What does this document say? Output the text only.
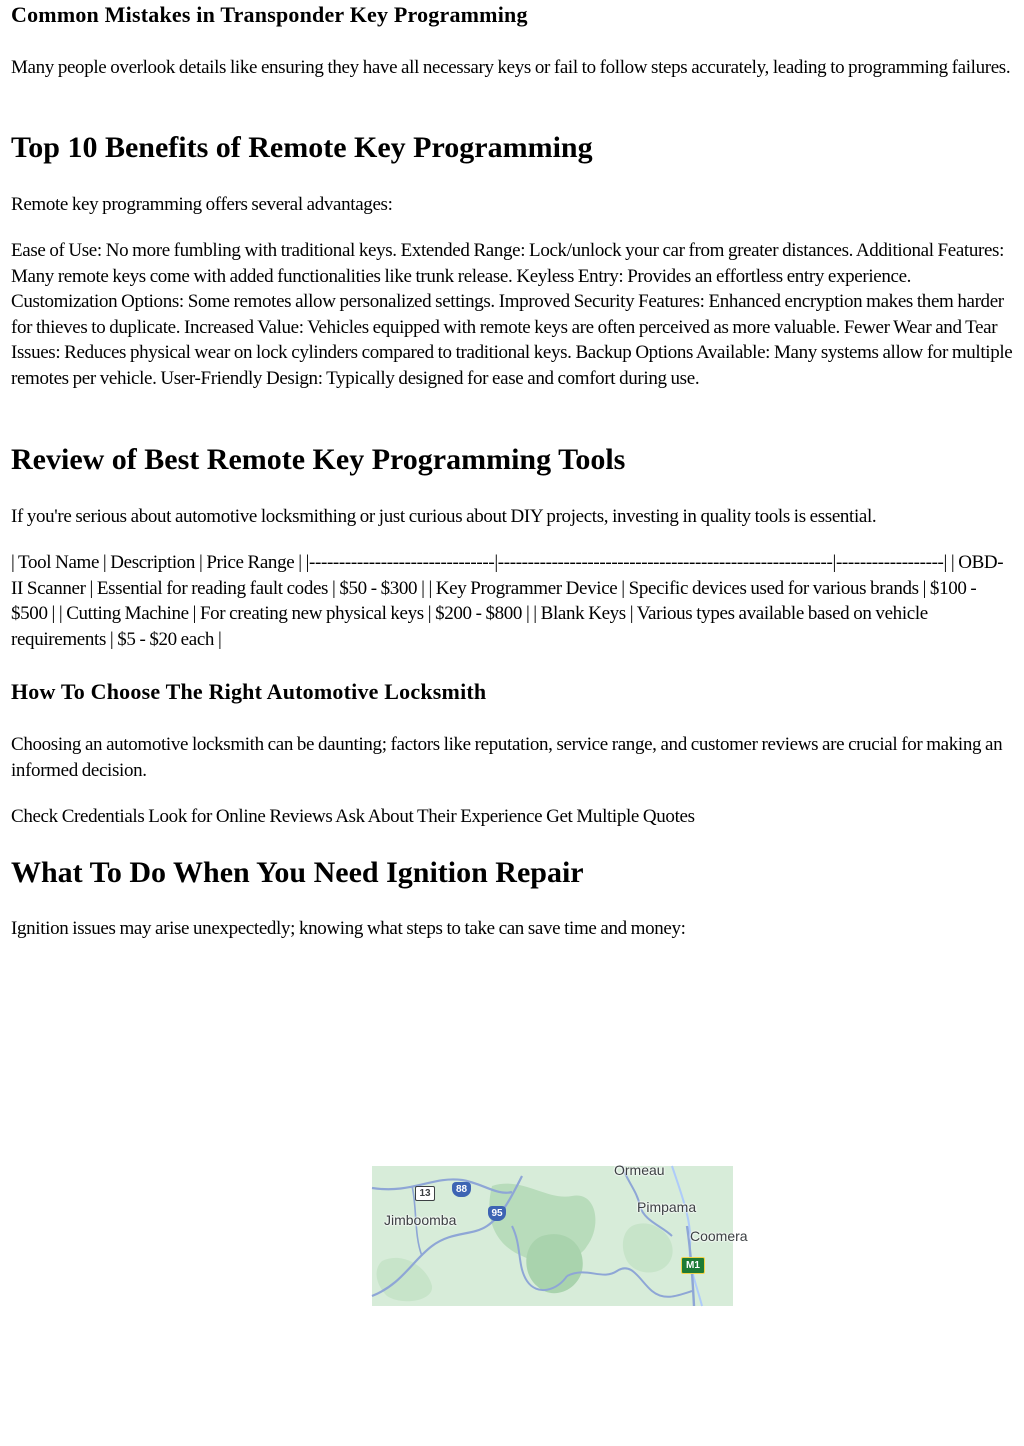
Common Mistakes in Transponder Key Programming

Many people overlook details like ensuring they have all necessary keys or fail to follow steps accurately, leading to programming failures.

Top 10 Benefits of Remote Key Programming

Remote key programming offers several advantages:

Ease of Use: No more fumbling with traditional keys. Extended Range: Lock/unlock your car from greater distances. Additional Features: Many remote keys come with added functionalities like trunk release. Keyless Entry: Provides an effortless entry experience. Customization Options: Some remotes allow personalized settings. Improved Security Features: Enhanced encryption makes them harder for thieves to duplicate. Increased Value: Vehicles equipped with remote keys are often perceived as more valuable. Fewer Wear and Tear Issues: Reduces physical wear on lock cylinders compared to traditional keys. Backup Options Available: Many systems allow for multiple remotes per vehicle. User-Friendly Design: Typically designed for ease and comfort during use.

Review of Best Remote Key Programming Tools

If you're serious about automotive locksmithing or just curious about DIY projects, investing in quality tools is essential.

| Tool Name | Description | Price Range | |-------------------------------|--------------------------------------------------------|------------------| | OBD-II Scanner | Essential for reading fault codes | $50 - $300 | | Key Programmer Device | Specific devices used for various brands | $100 - $500 | | Cutting Machine | For creating new physical keys | $200 - $800 | | Blank Keys | Various types available based on vehicle requirements | $5 - $20 each |

How To Choose The Right Automotive Locksmith

Choosing an automotive locksmith can be daunting; factors like reputation, service range, and customer reviews are crucial for making an informed decision.

Check Credentials Look for Online Reviews Ask About Their Experience Get Multiple Quotes

What To Do When You Need Ignition Repair

Ignition issues may arise unexpectedly; knowing what steps to take can save time and money:

Jimboomba
Ormeau
Pimpama
Coomera
13	88
95
M1
